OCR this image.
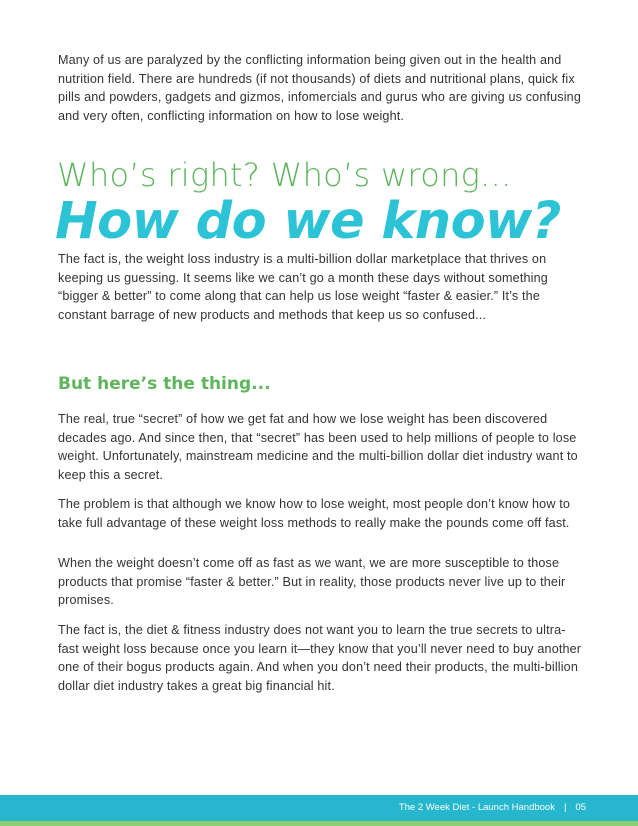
Many of us are paralyzed by the conflicting information being given out in the health and nutrition field. There are hundreds (if not thousands) of diets and nutritional plans, quick fix pills and powders, gadgets and gizmos, infomercials and gurus who are giving us confusing and very often, conflicting information on how to lose weight.

Who’s right? Who’s wrong...
How do we know?

The fact is, the weight loss industry is a multi-billion dollar marketplace that thrives on keeping us guessing. It seems like we can’t go a month these days without something “bigger & better” to come along that can help us lose weight “faster & easier.” It’s the constant barrage of new products and methods that keep us so confused...

But here’s the thing...

The real, true “secret” of how we get fat and how we lose weight has been discovered decades ago. And since then, that “secret” has been used to help millions of people to lose weight. Unfortunately, mainstream medicine and the multi-billion dollar diet industry want to keep this a secret.

The problem is that although we know how to lose weight, most people don’t know how to take full advantage of these weight loss methods to really make the pounds come off fast.

When the weight doesn’t come off as fast as we want, we are more susceptible to those products that promise “faster & better.” But in reality, those products never live up to their promises.

The fact is, the diet & fitness industry does not want you to learn the true secrets to ultra-fast weight loss because once you learn it—they know that you’ll never need to buy another one of their bogus products again. And when you don’t need their products, the multi-billion dollar diet industry takes a great big financial hit.

The 2 Week Diet - Launch Handbook | 05
